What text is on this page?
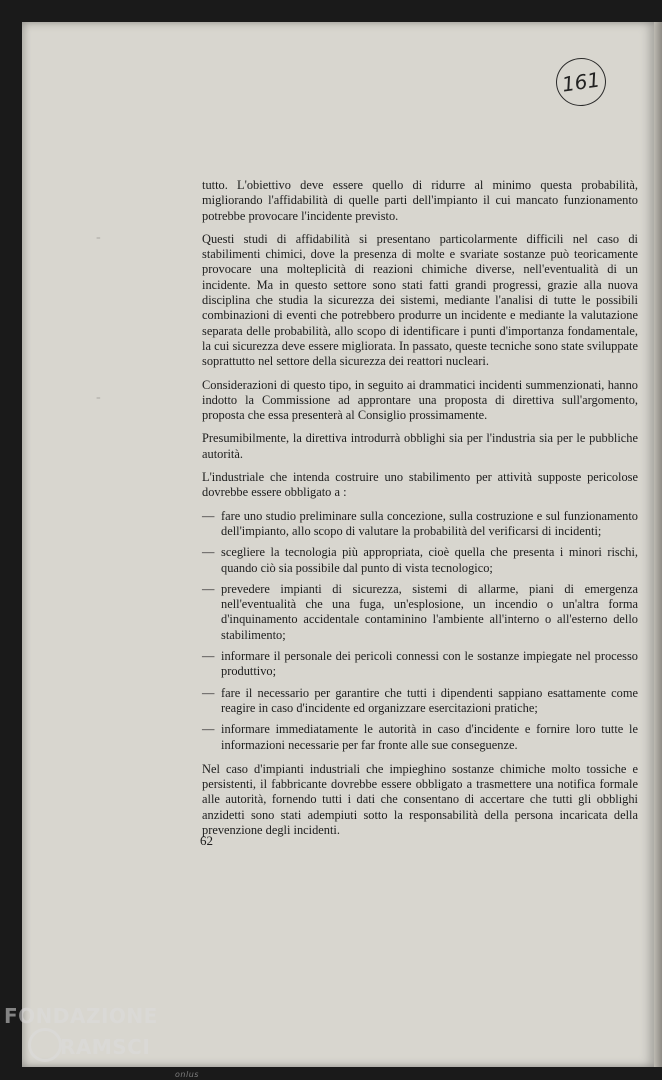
161
⁼
⁼

tutto. L'obiettivo deve essere quello di ridurre al minimo questa probabilità, migliorando l'affidabilità di quelle parti dell'impianto il cui mancato funzionamento potrebbe provocare l'incidente previsto.

Questi studi di affidabilità si presentano particolarmente difficili nel caso di stabilimenti chimici, dove la presenza di molte e svariate sostanze può teoricamente provocare una molteplicità di reazioni chimiche diverse, nell'eventualità di un incidente. Ma in questo settore sono stati fatti grandi progressi, grazie alla nuova disciplina che studia la sicurezza dei sistemi, mediante l'analisi di tutte le possibili combinazioni di eventi che potrebbero produrre un incidente e mediante la valutazione separata delle probabilità, allo scopo di identificare i punti d'importanza fondamentale, la cui sicurezza deve essere migliorata. In passato, queste tecniche sono state sviluppate soprattutto nel settore della sicurezza dei reattori nucleari.

Considerazioni di questo tipo, in seguito ai drammatici incidenti summenzionati, hanno indotto la Commissione ad approntare una proposta di direttiva sull'argomento, proposta che essa presenterà al Consiglio prossimamente.

Presumibilmente, la direttiva introdurrà obblighi sia per l'industria sia per le pubbliche autorità.

L'industriale che intenda costruire uno stabilimento per attività supposte pericolose dovrebbe essere obbligato a :

— fare uno studio preliminare sulla concezione, sulla costruzione e sul funzionamento dell'impianto, allo scopo di valutare la probabilità del verificarsi di incidenti;
— scegliere la tecnologia più appropriata, cioè quella che presenta i minori rischi, quando ciò sia possibile dal punto di vista tecnologico;
— prevedere impianti di sicurezza, sistemi di allarme, piani di emergenza nell'eventualità che una fuga, un'esplosione, un incendio o un'altra forma d'inquinamento accidentale contaminino l'ambiente all'interno o all'esterno dello stabilimento;
— informare il personale dei pericoli connessi con le sostanze impiegate nel processo produttivo;
— fare il necessario per garantire che tutti i dipendenti sappiano esattamente come reagire in caso d'incidente ed organizzare esercitazioni pratiche;
— informare immediatamente le autorità in caso d'incidente e fornire loro tutte le informazioni necessarie per far fronte alle sue conseguenze.

Nel caso d'impianti industriali che impieghino sostanze chimiche molto tossiche e persistenti, il fabbricante dovrebbe essere obbligato a trasmettere una notifica formale alle autorità, fornendo tutti i dati che consentano di accertare che tutti gli obblighi anzidetti sono stati adempiuti sotto la responsabilità della persona incaricata della prevenzione degli incidenti.

62
FONDAZIONE
RAMSCI
onlus
